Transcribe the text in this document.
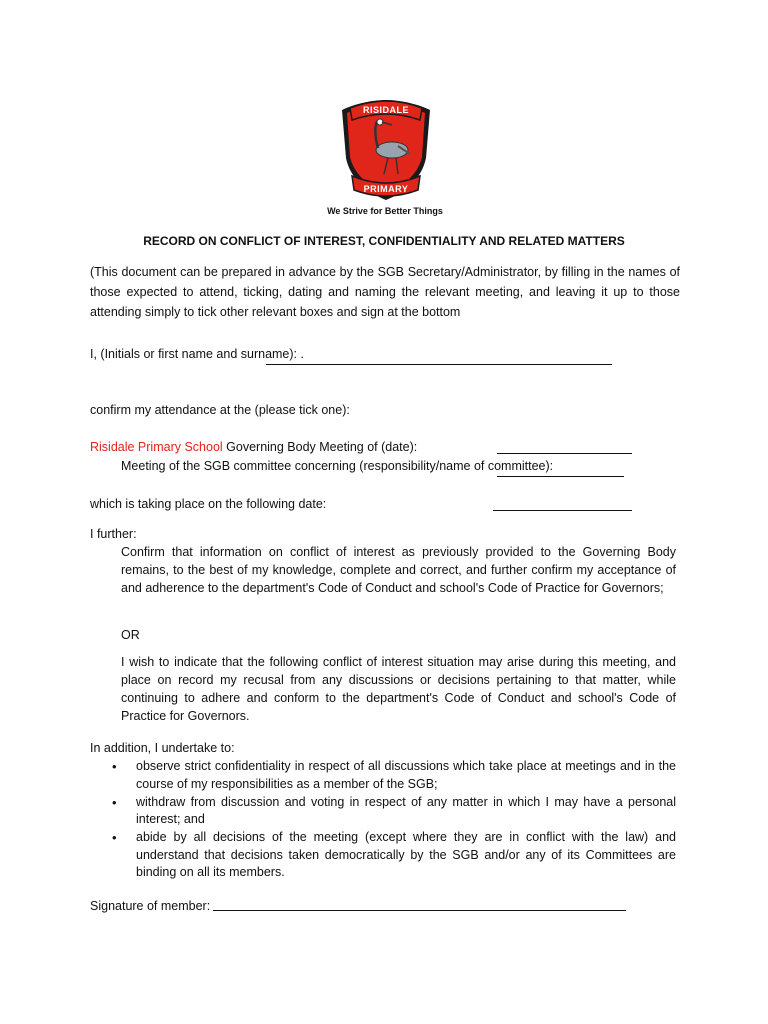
RISIDALE
PRIMARY
We Strive for Better Things
RECORD ON CONFLICT OF INTEREST, CONFIDENTIALITY AND RELATED MATTERS
(This document can be prepared in advance by the SGB Secretary/Administrator, by filling in the names of those expected to attend, ticking, dating and naming the relevant meeting, and leaving it up to those attending simply to tick other relevant boxes and sign at the bottom
I, (Initials or first name and surname): .
confirm my attendance at the (please tick one):
Risidale Primary School Governing Body Meeting of (date):
Meeting of the SGB committee concerning (responsibility/name of committee):
which is taking place on the following date:
I further:
Confirm that information on conflict of interest as previously provided to the Governing Body remains, to the best of my knowledge, complete and correct, and further confirm my acceptance of and adherence to the department's Code of Conduct and school's Code of Practice for Governors;
OR
I wish to indicate that the following conflict of interest situation may arise during this meeting, and place on record my recusal from any discussions or decisions pertaining to that matter, while continuing to adhere and conform to the department's Code of Conduct and school's Code of Practice for Governors.
In addition, I undertake to:
• observe strict confidentiality in respect of all discussions which take place at meetings and in the course of my responsibilities as a member of the SGB;
• withdraw from discussion and voting in respect of any matter in which I may have a personal interest; and
• abide by all decisions of the meeting (except where they are in conflict with the law) and understand that decisions taken democratically by the SGB and/or any of its Committees are binding on all its members.
Signature of member:
